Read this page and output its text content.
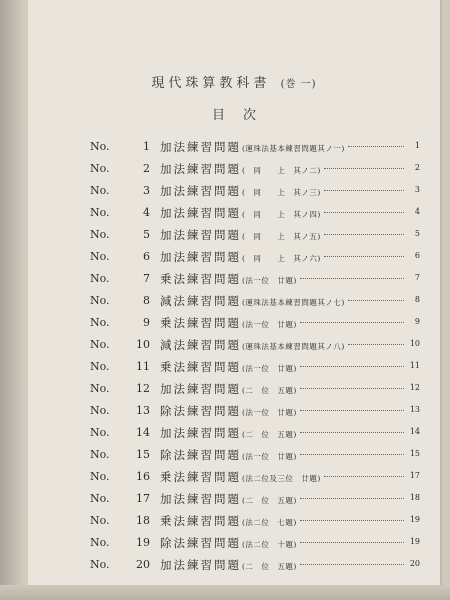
現代珠算教科書 (巻 一)
目次
No.	1 加法練習問題(運珠法基本練習問題其ノ一)	1
No.	2 加法練習問題(　同　　上　其ノ二)	2
No.	3 加法練習問題(　同　　上　其ノ三)	3
No.	4 加法練習問題(　同　　上　其ノ四)	4
No.	5 加法練習問題(　同　　上　其ノ五)	5
No.	6 加法練習問題(　同　　上　其ノ六)	6
No.	7 乗法練習問題(法一位　廿題)	7
No.	8 減法練習問題(運珠法基本練習問題其ノ七)	8
No.	9 乗法練習問題(法一位　廿題)	9
No.	10 減法練習問題(運珠法基本練習問題其ノ八)	10
No.	11 乗法練習問題(法一位　廿題)	11
No.	12 加法練習問題(二　位　五題)	12
No.	13 除法練習問題(法一位　廿題)	13
No.	14 加法練習問題(二　位　五題)	14
No.	15 除法練習問題(法一位　廿題)	15
No.	16 乗法練習問題(法二位及三位　廿題)	17
No.	17 加法練習問題(二　位　五題)	18
No.	18 乗法練習問題(法二位　七題)	19
No.	19 除法練習問題(法二位　十題)	19
No.	20 加法練習問題(二　位　五題)	20
